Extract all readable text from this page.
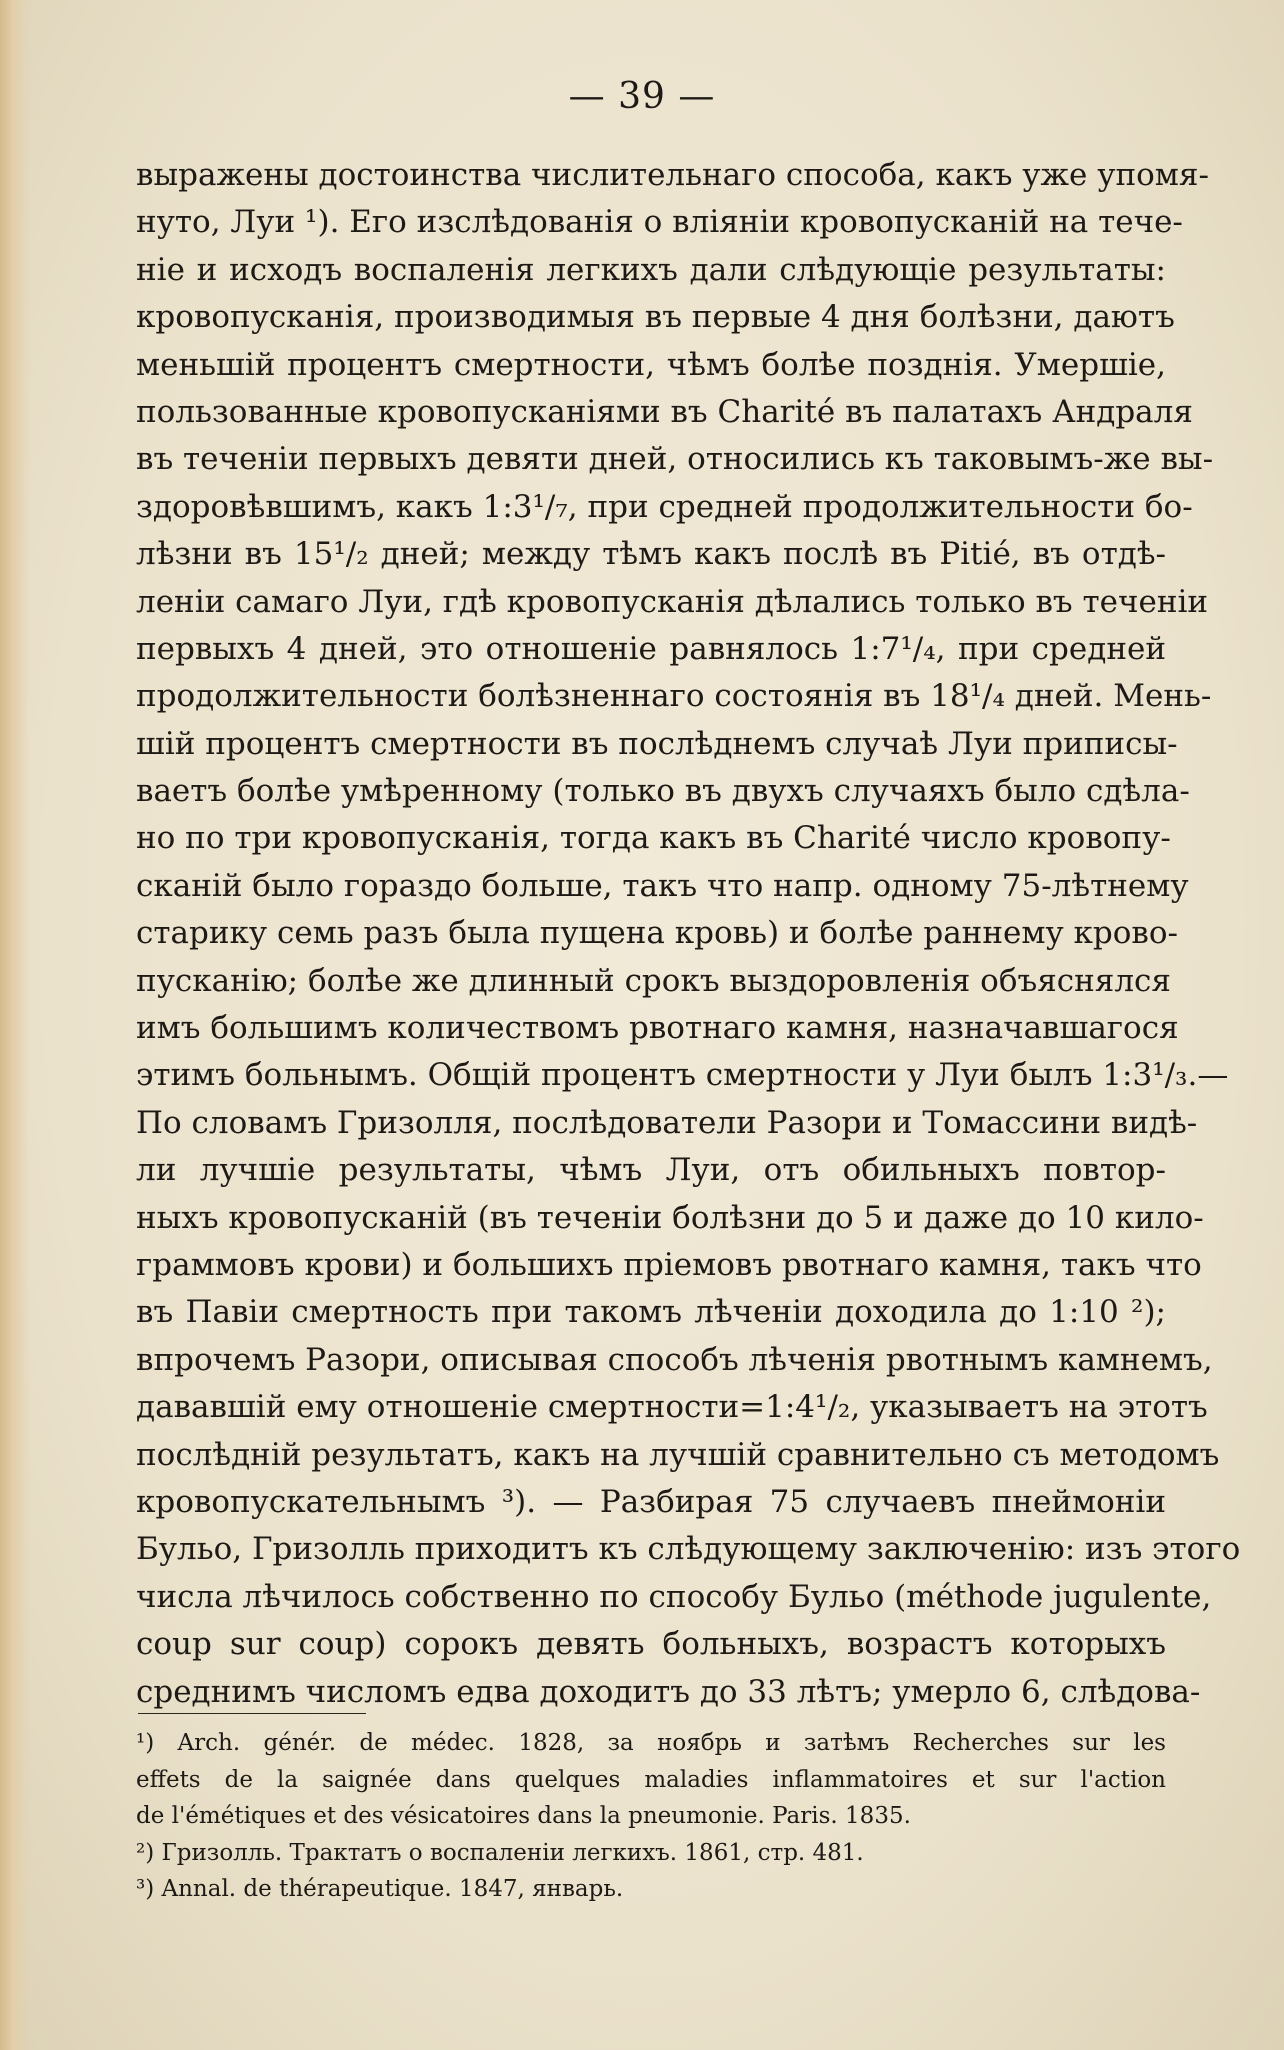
— 39 —
выражены достоинства числительнаго способа, какъ уже упомя-
нуто, Луи ¹). Его изслѣдованія о вліяніи кровопусканій на тече-
ніе и исходъ воспаленія легкихъ дали слѣдующіе результаты:
кровопусканія, производимыя въ первые 4 дня болѣзни, даютъ
меньшій процентъ смертности, чѣмъ болѣе позднія. Умершіе,
пользованные кровопусканіями въ Charité въ палатахъ Андраля
въ теченіи первыхъ девяти дней, относились къ таковымъ-же вы-
здоровѣвшимъ, какъ 1:3¹/₇, при средней продолжительности бо-
лѣзни въ 15¹/₂ дней; между тѣмъ какъ послѣ въ Pitié, въ отдѣ-
леніи самаго Луи, гдѣ кровопусканія дѣлались только въ теченіи
первыхъ 4 дней, это отношеніе равнялось 1:7¹/₄, при средней
продолжительности болѣзненнаго состоянія въ 18¹/₄ дней. Мень-
шій процентъ смертности въ послѣднемъ случаѣ Луи приписы-
ваетъ болѣе умѣренному (только въ двухъ случаяхъ было сдѣла-
но по три кровопусканія, тогда какъ въ Charité число кровопу-
сканій было гораздо больше, такъ что напр. одному 75-лѣтнему
старику семь разъ была пущена кровь) и болѣе раннему крово-
пусканію; болѣе же длинный срокъ выздоровленія объяснялся
имъ большимъ количествомъ рвотнаго камня, назначавшагося
этимъ больнымъ. Общій процентъ смертности у Луи былъ 1:3¹/₃.—
По словамъ Гризолля, послѣдователи Разори и Томассини видѣ-
ли лучшіе результаты, чѣмъ Луи, отъ обильныхъ повтор-
ныхъ кровопусканій (въ теченіи болѣзни до 5 и даже до 10 кило-
граммовъ крови) и большихъ пріемовъ рвотнаго камня, такъ что
въ Павіи смертность при такомъ лѣченіи доходила до 1:10 ²);
впрочемъ Разори, описывая способъ лѣченія рвотнымъ камнемъ,
дававшій ему отношеніе смертности=1:4¹/₂, указываетъ на этотъ
послѣдній результатъ, какъ на лучшій сравнительно съ методомъ
кровопускательнымъ ³). — Разбирая 75 случаевъ пнеймоніи
Бульо, Гризолль приходитъ къ слѣдующему заключенію: изъ этого
числа лѣчилось собственно по способу Бульо (méthode jugulente,
coup sur coup) сорокъ девять больныхъ, возрастъ которыхъ
среднимъ числомъ едва доходитъ до 33 лѣтъ; умерло 6, слѣдова-
¹) Arch. génér. de médec. 1828, за ноябрь и затѣмъ Recherches sur les
effets de la saignée dans quelques maladies inflammatoires et sur l'action
de l'émétiques et des vésicatoires dans la pneumonie. Paris. 1835.
²) Гризолль. Трактатъ о воспаленіи легкихъ. 1861, стр. 481.
³) Annal. de thérapeutique. 1847, январь.
